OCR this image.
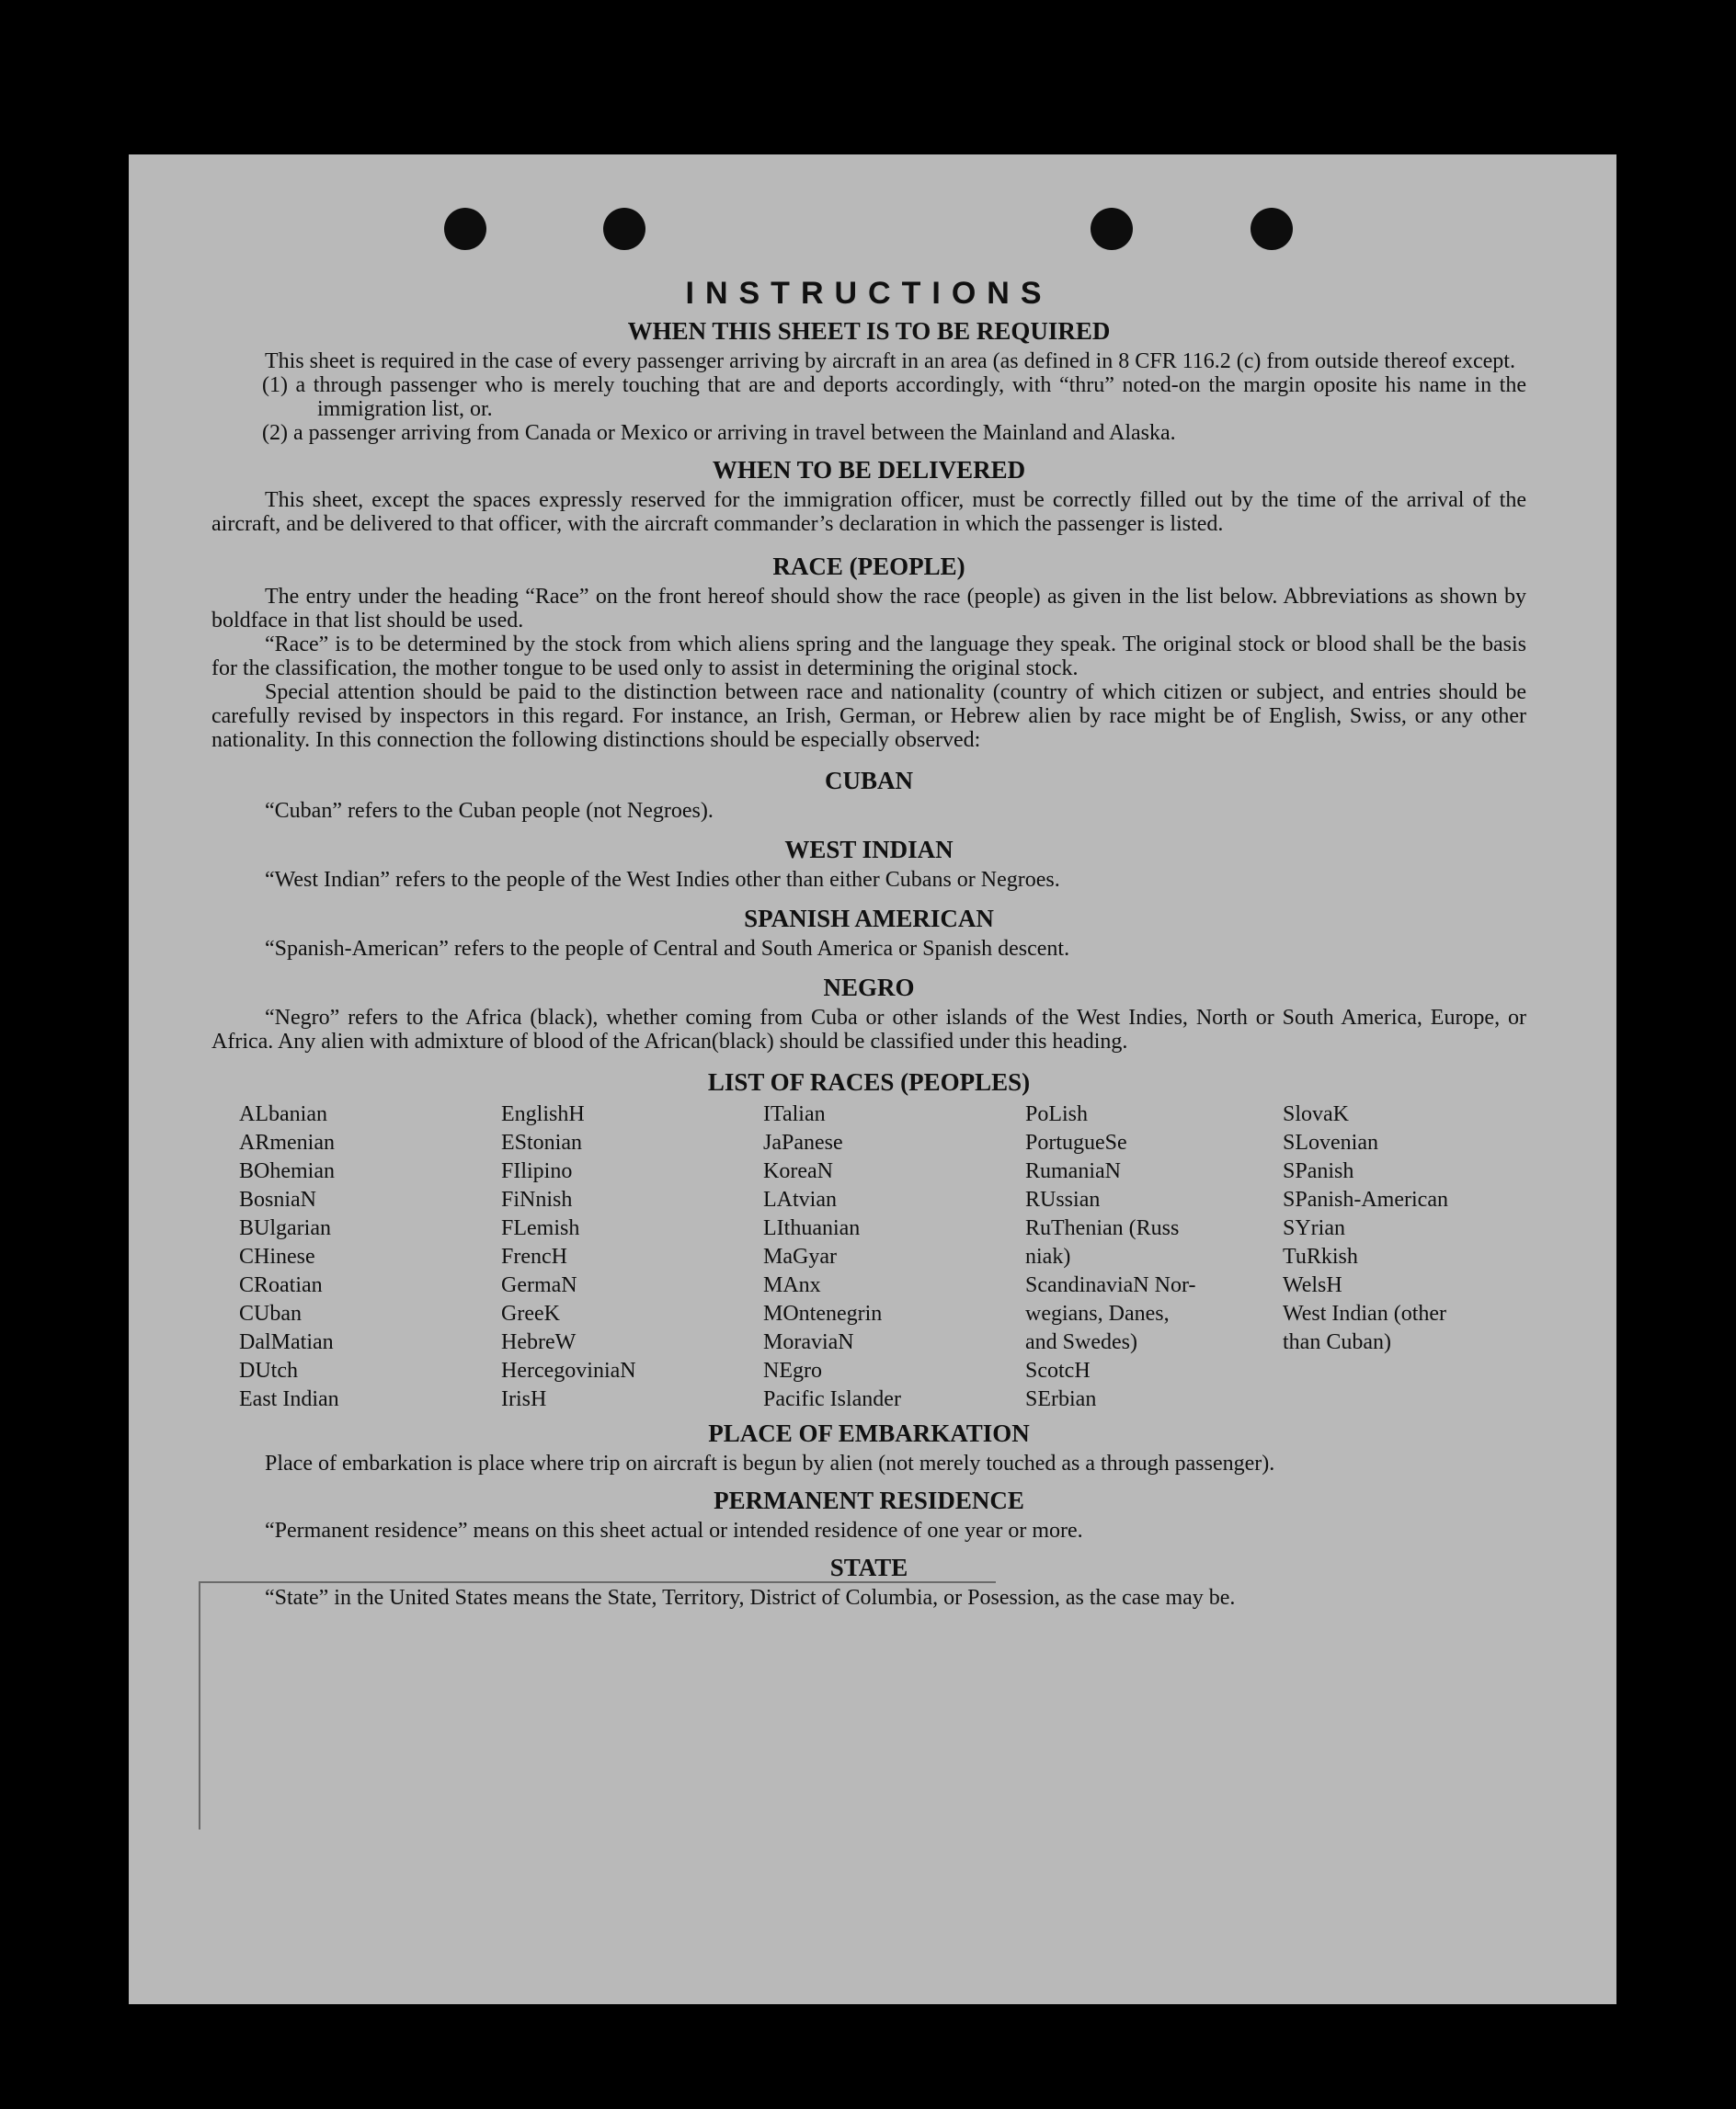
INSTRUCTIONS
WHEN THIS SHEET IS TO BE REQUIRED

This sheet is required in the case of every passenger arriving by aircraft in an area (as defined in 8 CFR 116.2 (c) from outside thereof except.

(1) a through passenger who is merely touching that are and deports accordingly, with “thru” noted-on the margin oposite his name in the immigration list, or.

(2) a passenger arriving from Canada or Mexico or arriving in travel between the Mainland and Alaska.

WHEN TO BE DELIVERED

This sheet, except the spaces expressly reserved for the immigration officer, must be correctly filled out by the time of the arrival of the aircraft, and be delivered to that officer, with the aircraft commander’s declaration in which the passenger is listed.

RACE (PEOPLE)

The entry under the heading “Race” on the front hereof should show the race (people) as given in the list below. Abbreviations as shown by boldface in that list should be used.

“Race” is to be determined by the stock from which aliens spring and the language they speak. The original stock or blood shall be the basis for the classification, the mother tongue to be used only to assist in determining the original stock.

Special attention should be paid to the distinction between race and nationality (country of which citizen or subject, and entries should be carefully revised by inspectors in this regard. For instance, an Irish, German, or Hebrew alien by race might be of English, Swiss, or any other nationality. In this connection the following distinctions should be especially observed:

CUBAN

“Cuban” refers to the Cuban people (not Negroes).

WEST INDIAN

“West Indian” refers to the people of the West Indies other than either Cubans or Negroes.

SPANISH AMERICAN

“Spanish-American” refers to the people of Central and South America or Spanish descent.

NEGRO

“Negro” refers to the Africa (black), whether coming from Cuba or other islands of the West Indies, North or South America, Europe, or Africa. Any alien with admixture of blood of the African(black) should be classified under this heading.

LIST OF RACES (PEOPLES)
ALbanian
ARmenian
BOhemian
BosniaN
BUlgarian
CHinese
CRoatian
CUban
DalMatian
DUtch
East Indian
EnglishH
EStonian
FIlipino
FiNnish
FLemish
FrencH
GermaN
GreeK
HebreW
HercegoviniaN
IrisH
ITalian
JaPanese
KoreaN
LAtvian
LIthuanian
MaGyar
MAnx
MOntenegrin
MoraviaN
NEgro
Pacific Islander
PoLish
PortugueSe
RumaniaN
RUssian
RuThenian (Russ
niak)
ScandinaviaN Nor-
wegians, Danes,
and Swedes)
ScotcH
SErbian
SlovaK
SLovenian
SPanish
SPanish-American
SYrian
TuRkish
WelsH
West Indian (other
than Cuban)
PLACE OF EMBARKATION

Place of embarkation is place where trip on aircraft is begun by alien (not merely touched as a through passenger).

PERMANENT RESIDENCE

“Permanent residence” means on this sheet actual or intended residence of one year or more.

STATE

“State” in the United States means the State, Territory, District of Columbia, or Posession, as the case may be.
